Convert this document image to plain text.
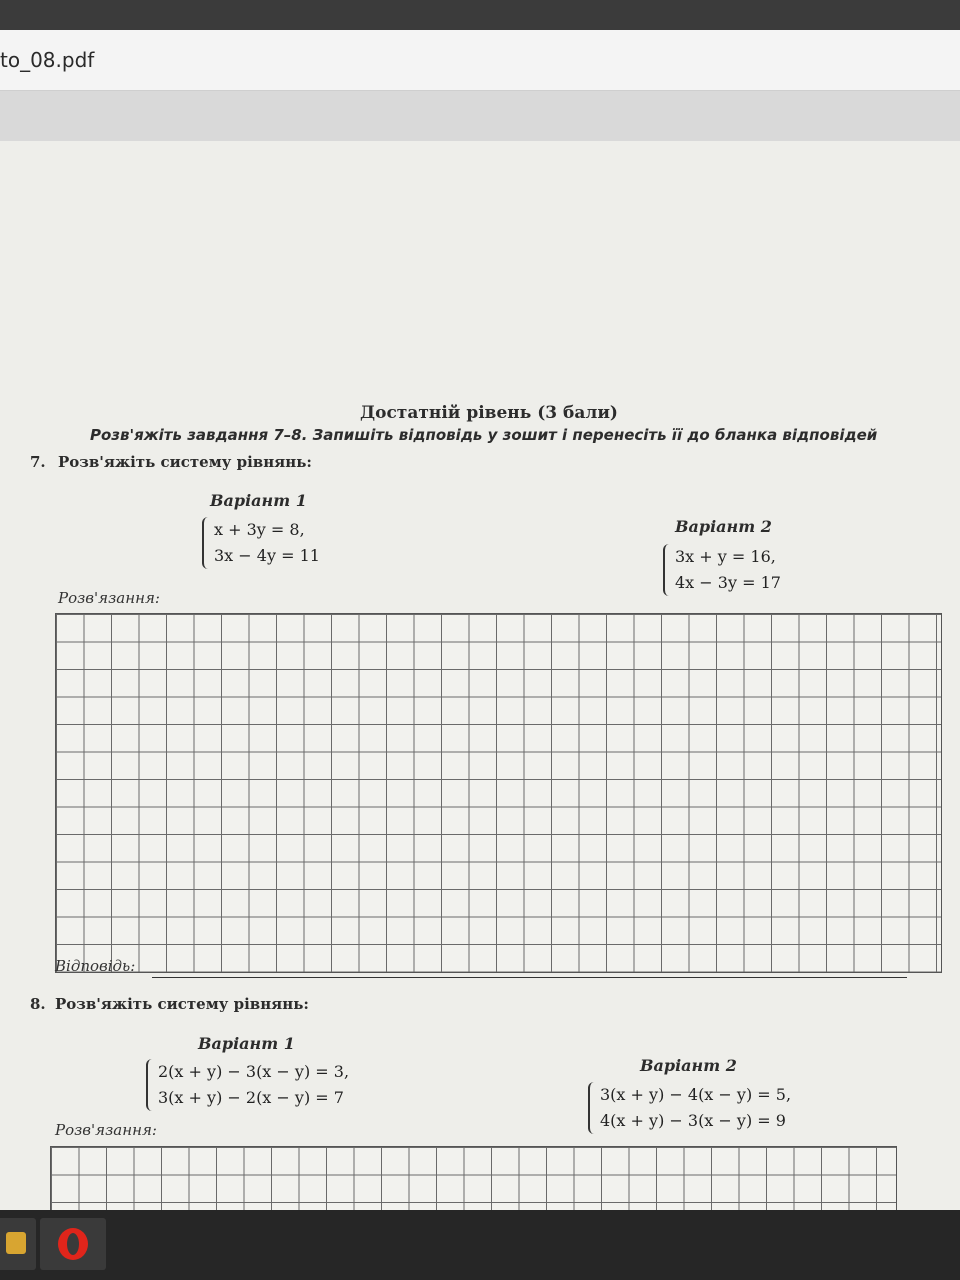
to_08.pdf
Достатній рівень (3 бали)
Розв'яжіть завдання 7–8. Запишіть відповідь у зошит і перенесіть її до бланка відповідей
7. Розв'яжіть систему рівнянь:
Варіант 1
x + 3y = 8,
3x − 4y = 11
Варіант 2
3x + y = 16,
4x − 3y = 17
Розв'язання:
Відповідь:
8. Розв'яжіть систему рівнянь:
Варіант 1
2(x + y) − 3(x − y) = 3,
3(x + y) − 2(x − y) = 7
Варіант 2
3(x + y) − 4(x − y) = 5,
4(x + y) − 3(x − y) = 9
Розв'язання:
